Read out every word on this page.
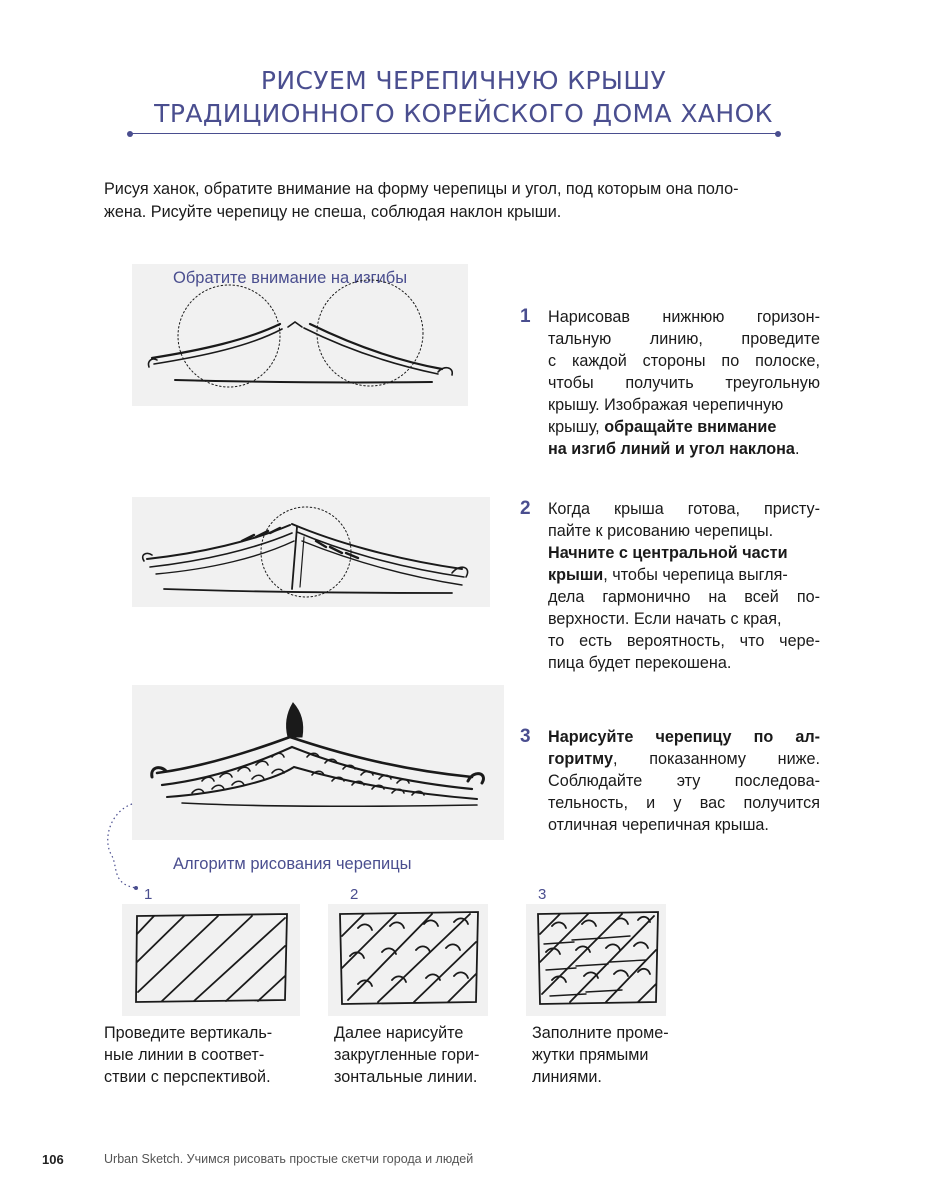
РИСУЕМ ЧЕРЕПИЧНУЮ КРЫШУ
ТРАДИЦИОННОГО КОРЕЙСКОГО ДОМА ХАНОК
Рисуя ханок, обратите внимание на форму черепицы и угол, под которым она поло-
жена. Рисуйте черепицу не спеша, соблюдая наклон крыши.
Обратите внимание на изгибы
1 Нарисовав нижнюю горизон-
тальную линию, проведите
с каждой стороны по полоске,
чтобы получить треугольную
крышу. Изображая черепичную
крышу, обращайте внимание
на изгиб линий и угол наклона.
2 Когда крыша готова, присту-
пайте к рисованию черепицы.
Начните с центральной части
крыши, чтобы черепица выгля-
дела гармонично на всей по-
верхности. Если начать с края,
то есть вероятность, что чере-
пица будет перекошена.
3 Нарисуйте черепицу по ал-
горитму, показанному ниже.
Соблюдайте эту последова-
тельность, и у вас получится
отличная черепичная крыша.
Алгоритм рисования черепицы
1	2	3
Проведите вертикаль-
ные линии в соответ-
ствии с перспективой.
Далее нарисуйте
закругленные гори-
зонтальные линии.
Заполните проме-
жутки прямыми
линиями.
106	Urban Sketch. Учимся рисовать простые скетчи города и людей
